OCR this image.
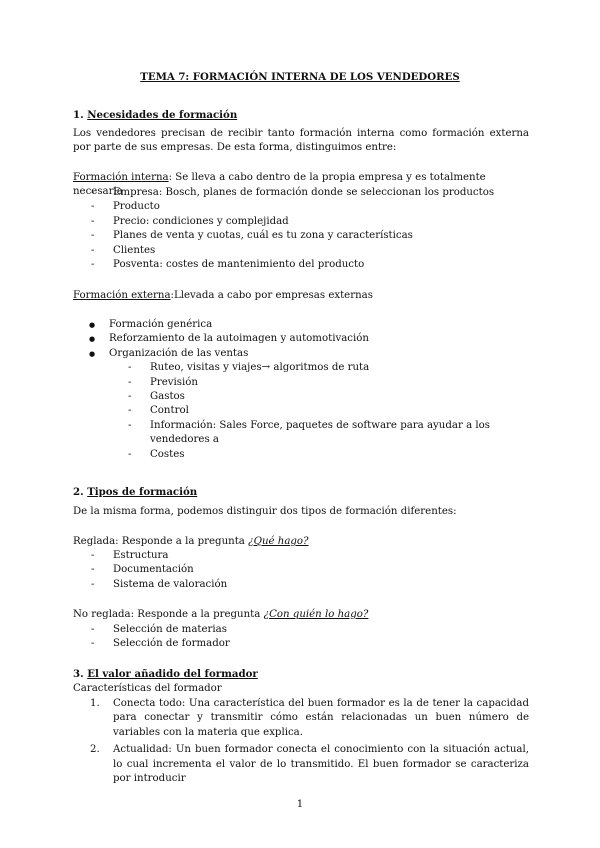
TEMA 7: FORMACIÓN INTERNA DE LOS VENDEDORES
1. Necesidades de formación
Los vendedores precisan de recibir tanto formación interna como formación externa por parte de sus empresas. De esta forma, distinguimos entre:
Formación interna: Se lleva a cabo dentro de la propia empresa y es totalmente necesaria
- Empresa: Bosch, planes de formación donde se seleccionan los productos
- Producto
- Precio: condiciones y complejidad
- Planes de venta y cuotas, cuál es tu zona y características
- Clientes
- Posventa: costes de mantenimiento del producto
Formación externa:Llevada a cabo por empresas externas
● Formación genérica
● Reforzamiento de la autoimagen y automotivación
● Organización de las ventas
- Ruteo, visitas y viajes→ algoritmos de ruta
- Previsión
- Gastos
- Control
- Información: Sales Force, paquetes de software para ayudar a los vendedores a
- Costes
2. Tipos de formación
De la misma forma, podemos distinguir dos tipos de formación diferentes:
Reglada: Responde a la pregunta ¿Qué hago?
- Estructura
- Documentación
- Sistema de valoración
No reglada: Responde a la pregunta ¿Con quién lo hago?
- Selección de materias
- Selección de formador
3. El valor añadido del formador
Características del formador
1. Conecta todo: Una característica del buen formador es la de tener la capacidad para conectar y transmitir cómo están relacionadas un buen número de variables con la materia que explica.
2. Actualidad: Un buen formador conecta el conocimiento con la situación actual, lo cual incrementa el valor de lo transmitido. El buen formador se caracteriza por introducir
1
